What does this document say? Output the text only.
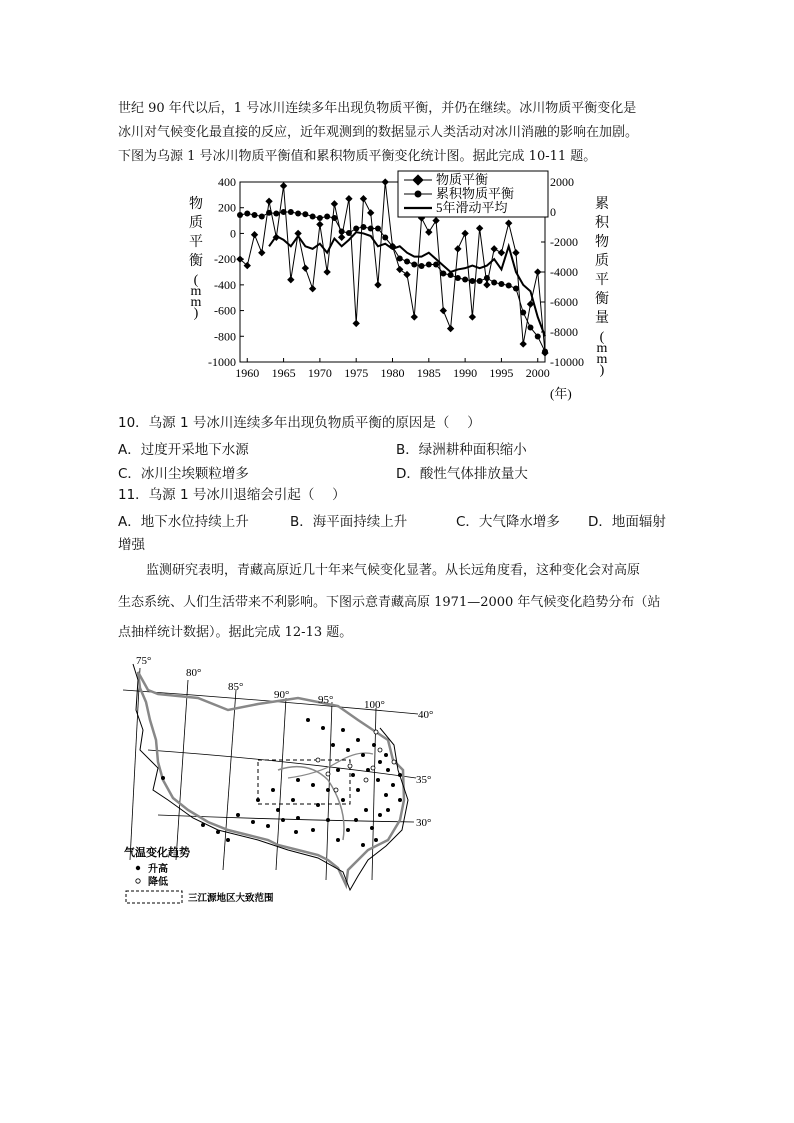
世纪 90 年代以后，1 号冰川连续多年出现负物质平衡，并仍在继续。冰川物质平衡变化是
冰川对气候变化最直接的反应，近年观测到的数据显示人类活动对冰川消融的影响在加剧。
下图为乌源 1 号冰川物质平衡值和累积物质平衡变化统计图。据此完成 10-11 题。
400
200
0
-200
-400
-600
-800
-1000
2000
0
-2000
-4000
-6000
-8000
-10000
1960 1965 1970 1975 1980 1985 1990 1995 2000
物质平衡( m m )
累积物质平衡量( m m )
(年)
物质平衡
累积物质平衡
5年滑动平均
10．乌源 1 号冰川连续多年出现负物质平衡的原因是（　 ）
A．过度开采地下水源	B．绿洲耕种面积缩小
C．冰川尘埃颗粒增多	D．酸性气体排放量大
11．乌源 1 号冰川退缩会引起（　 ）
A．地下水位持续上升	B．海平面持续上升	C．大气降水增多 D．地面辐射
增强
监测研究表明，青藏高原近几十年来气候变化显著。从长远角度看，这种变化会对高原
生态系统、人们生活带来不利影响。下图示意青藏高原 1971—2000 年气候变化趋势分布（站
点抽样统计数据）。据此完成 12-13 题。
75°
80°
85°
90°	95°	100°
40°
35°
30°
气温变化趋势
升高
降低
三江源地区大致范围
